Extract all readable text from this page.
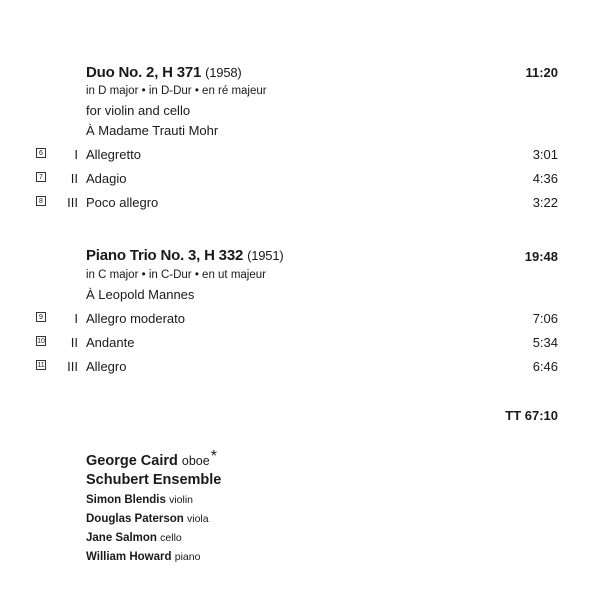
Duo No. 2, H 371 (1958)	11:20
in D major • in D-Dur • en ré majeur
for violin and cello
À Madame Trauti Mohr
6	I Allegretto	3:01
7	II Adagio	4:36
8	III Poco allegro	3:22
Piano Trio No. 3, H 332 (1951)	19:48
in C major • in C-Dur • en ut majeur
À Leopold Mannes
9	I Allegro moderato	7:06
10	II Andante	5:34
11	III Allegro	6:46
TT 67:10
George Caird oboe*
Schubert Ensemble
Simon Blendis violin
Douglas Paterson viola
Jane Salmon cello
William Howard piano
